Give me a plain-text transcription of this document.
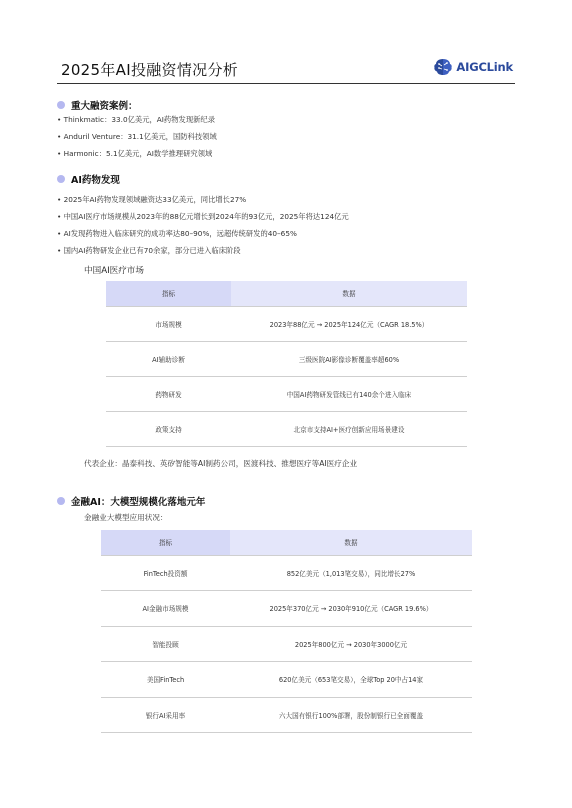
2025年AI投融资情况分析	AIGCLink
重大融资案例：
• Thinkmatic：33.0亿美元，AI药物发现新纪录
• Anduril Venture：31.1亿美元，国防科技领域
• Harmonic：5.1亿美元，AI数学推理研究领域
AI药物发现
• 2025年AI药物发现领域融资达33亿美元，同比增长27%
• 中国AI医疗市场规模从2023年的88亿元增长到2024年的93亿元，2025年将达124亿元
• AI发现药物进入临床研究的成功率达80–90%，远超传统研发的40–65%
• 国内AI药物研发企业已有70余家，部分已进入临床阶段
中国AI医疗市场
指标	数据
市场规模	2023年88亿元 → 2025年124亿元（CAGR 18.5%）
AI辅助诊断	三级医院AI影像诊断覆盖率超60%
药物研发	中国AI药物研发管线已有140余个进入临床
政策支持	北京市支持AI+医疗创新应用场景建设
代表企业：晶泰科技、英矽智能等AI制药公司，医渡科技、推想医疗等AI医疗企业
金融AI：大模型规模化落地元年
金融业大模型应用状况：
指标	数据
FinTech投资额	852亿美元（1,013笔交易），同比增长27%
AI金融市场规模	2025年370亿元 → 2030年910亿元（CAGR 19.6%）
智能投顾	2025年800亿元 → 2030年3000亿元
美国FinTech	620亿美元（653笔交易），全球Top 20中占14家
银行AI采用率	六大国有银行100%部署，股份制银行已全面覆盖
